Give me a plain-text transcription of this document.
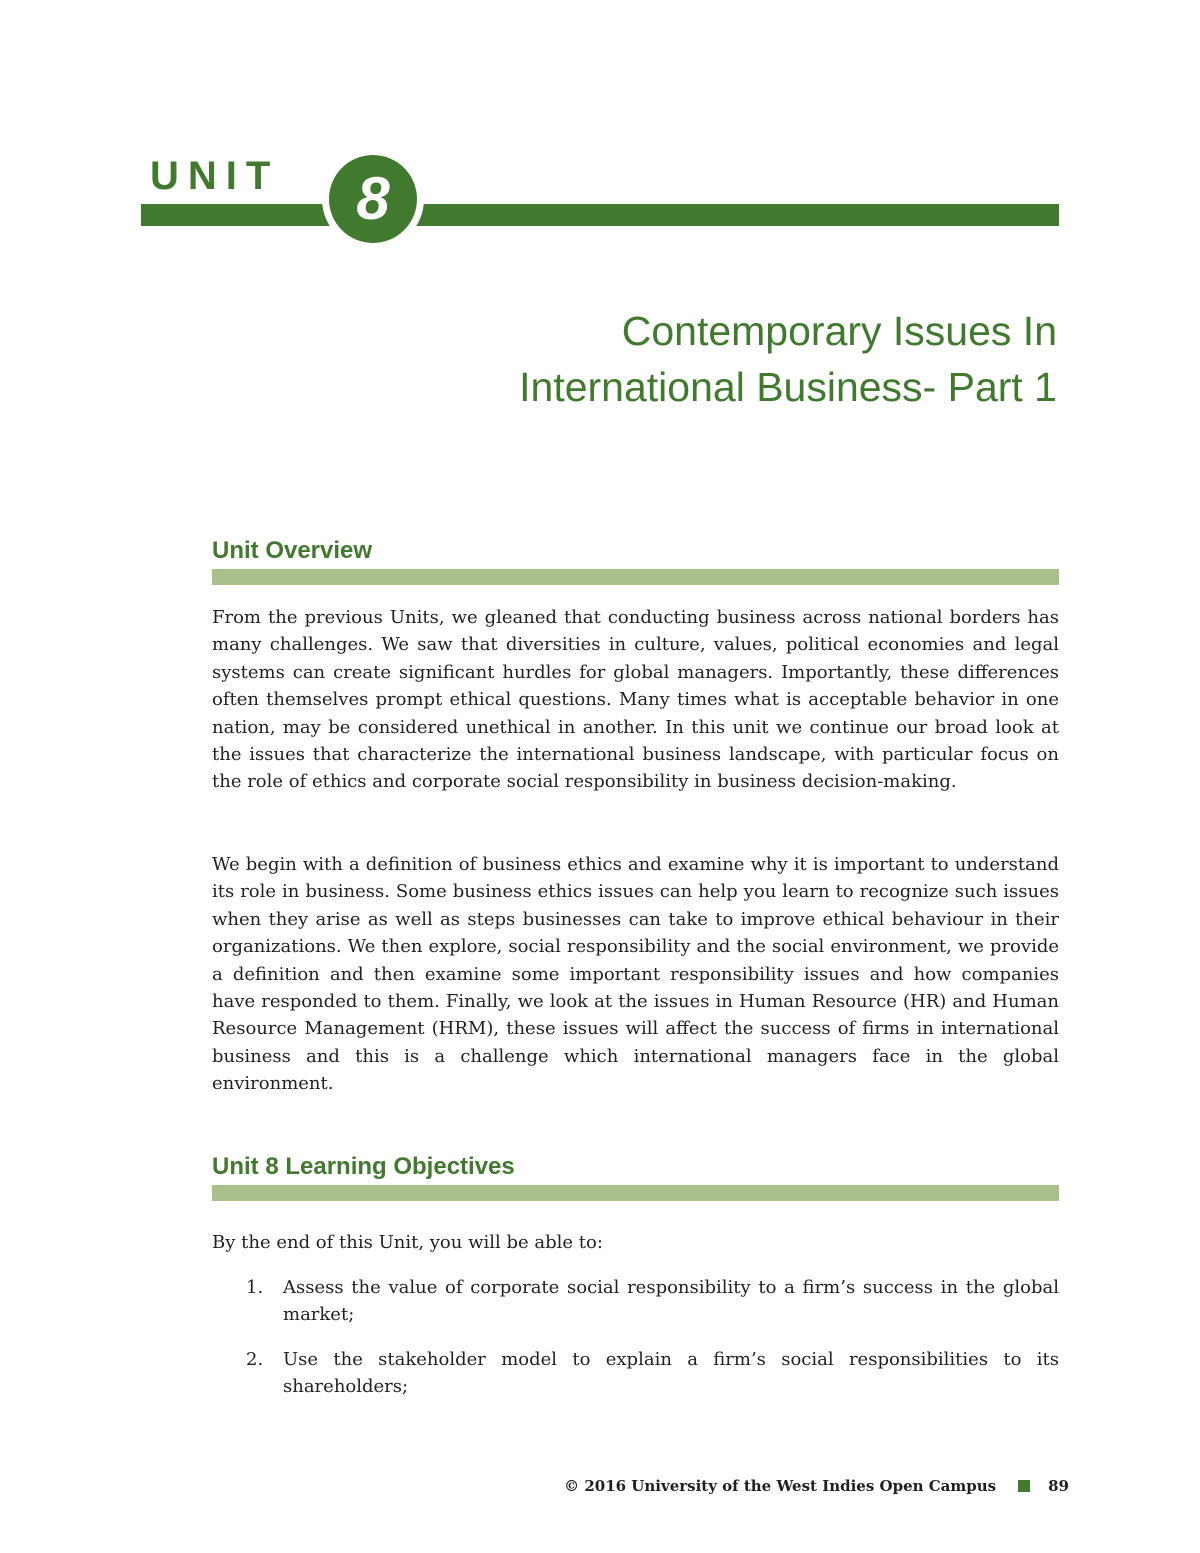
UNIT 8
Contemporary Issues In
International Business- Part 1
Unit Overview

From the previous Units, we gleaned that conducting business across national borders has many challenges. We saw that diversities in culture, values, political economies and legal systems can create significant hurdles for global managers. Importantly, these differences often themselves prompt ethical questions. Many times what is acceptable behavior in one nation, may be considered unethical in another. In this unit we continue our broad look at the issues that characterize the international business landscape, with particular focus on the role of ethics and corporate social responsibility in business decision-making.

We begin with a definition of business ethics and examine why it is important to understand its role in business. Some business ethics issues can help you learn to recognize such issues when they arise as well as steps businesses can take to improve ethical behaviour in their organizations. We then explore, social responsibility and the social environment, we provide a definition and then examine some important responsibility issues and how companies have responded to them. Finally, we look at the issues in Human Resource (HR) and Human Resource Management (HRM), these issues will affect the success of firms in international business and this is a challenge which international managers face in the global environment.

Unit 8 Learning Objectives

By the end of this Unit, you will be able to:

1. Assess the value of corporate social responsibility to a firm’s success in the global market;
2. Use the stakeholder model to explain a firm’s social responsibilities to its shareholders;
© 2016 University of the West Indies Open Campus	89
